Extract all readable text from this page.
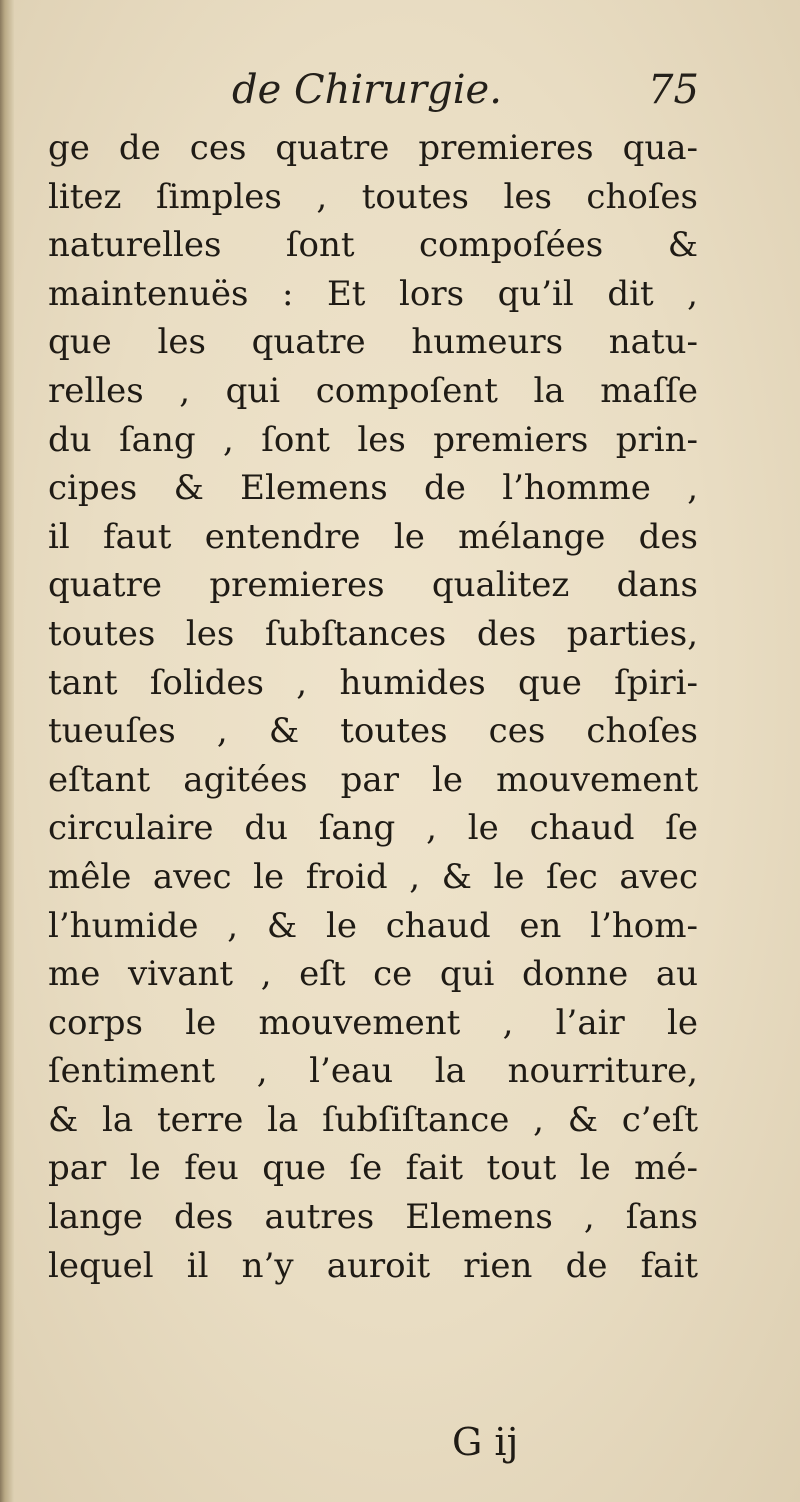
de Chirurgie.	75
ge de ces quatre premieres qua-
litez ſimples , toutes les choſes
naturelles ſont compoſées &
maintenuës : Et lors qu’il dit ,
que les quatre humeurs natu-
relles , qui compoſent la maſſe
du ſang , ſont les premiers prin-
cipes & Elemens de l’homme ,
il faut entendre le mélange des
quatre premieres qualitez dans
toutes les ſubſtances des parties,
tant ſolides , humides que ſpiri-
tueuſes , & toutes ces choſes
eſtant agitées par le mouvement
circulaire du ſang , le chaud ſe
mêle avec le froid , & le ſec avec
l’humide , & le chaud en l’hom-
me vivant , eſt ce qui donne au
corps le mouvement , l’air le
ſentiment , l’eau la nourriture,
& la terre la ſubſiſtance , & c’eſt
par le feu que ſe fait tout le mé-
lange des autres Elemens , ſans
lequel il n’y auroit rien de fait
G ij
